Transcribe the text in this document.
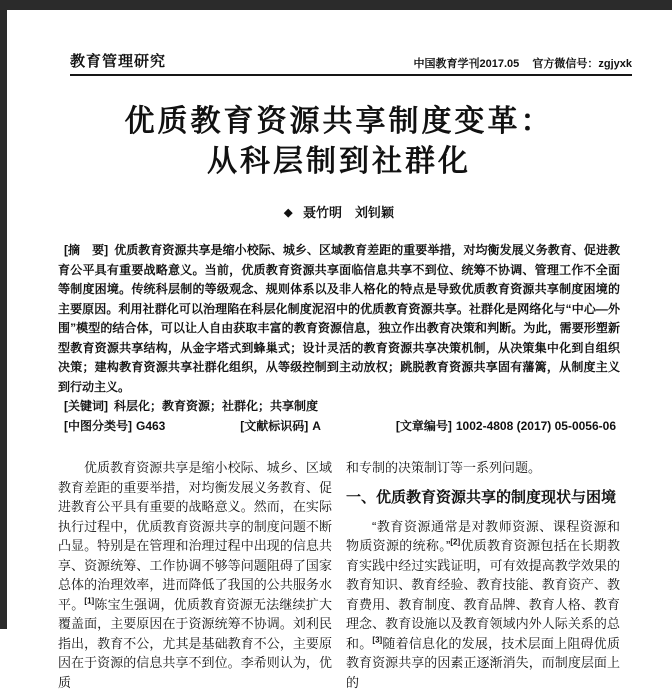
教育管理研究	中国教育学刊2017.05 官方微信号：zgjyxk
优质教育资源共享制度变革：
从科层制到社群化
◆ 聂竹明　刘钊颖
[摘　要] 优质教育资源共享是缩小校际、城乡、区域教育差距的重要举措，对均衡发展义务教育、促进教育公平具有重要战略意义。当前，优质教育资源共享面临信息共享不到位、统筹不协调、管理工作不全面等制度困境。传统科层制的等级观念、规则体系以及非人格化的特点是导致优质教育资源共享制度困境的主要原因。利用社群化可以治理陷在科层化制度泥沼中的优质教育资源共享。社群化是网络化与“中心—外围”模型的结合体，可以让人自由获取丰富的教育资源信息，独立作出教育决策和判断。为此，需要形塑新型教育资源共享结构，从金字塔式到蜂巢式；设计灵活的教育资源共享决策机制，从决策集中化到自组织决策；建构教育资源共享社群化组织，从等级控制到主动放权；跳脱教育资源共享固有藩篱，从制度主义到行动主义。
[关键词] 科层化；教育资源；社群化；共享制度
[中图分类号] G463	[文献标识码] A	[文章编号] 1002-4808 (2017) 05-0056-06

优质教育资源共享是缩小校际、城乡、区域教育差距的重要举措，对均衡发展义务教育、促进教育公平具有重要的战略意义。然而，在实际执行过程中，优质教育资源共享的制度问题不断凸显。特别是在管理和治理过程中出现的信息共享、资源统筹、工作协调不够等问题阻碍了国家总体的治理效率，进而降低了我国的公共服务水平。[1]陈宝生强调，优质教育资源无法继续扩大覆盖面，主要原因在于资源统筹不协调。刘利民指出，教育不公，尤其是基础教育不公，主要原因在于资源的信息共享不到位。李希则认为，优质

和专制的决策制订等一系列问题。

一、优质教育资源共享的制度现状与困境

“教育资源通常是对教师资源、课程资源和物质资源的统称。”[2]优质教育资源包括在长期教育实践中经过实践证明，可有效提高教学效果的教育知识、教育经验、教育技能、教育资产、教育费用、教育制度、教育品牌、教育人格、教育理念、教育设施以及教育领域内外人际关系的总和。[3]随着信息化的发展，技术层面上阻碍优质教育资源共享的因素正逐渐消失，而制度层面上的
